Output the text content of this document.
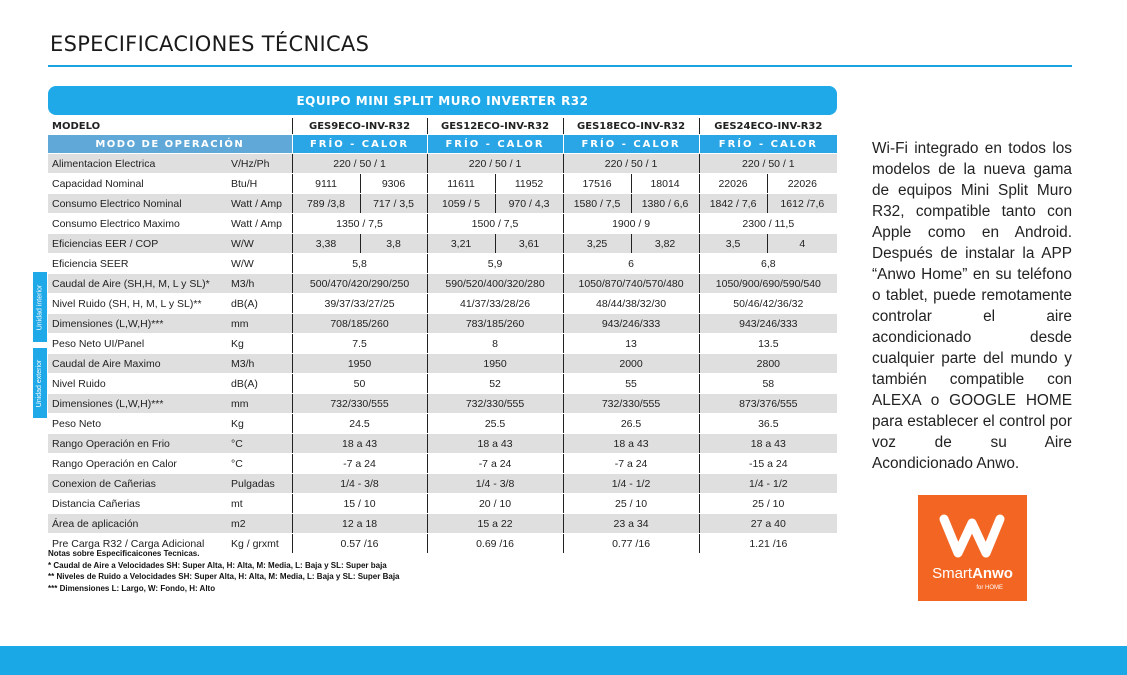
ESPECIFICACIONES TÉCNICAS
EQUIPO MINI SPLIT MURO INVERTER R32
MODELO		GES9ECO-INV-R32		GES12ECO-INV-R32		GES18ECO-INV-R32		GES24ECO-INV-R32	
MODO DE OPERACIÓN		FRÍO - CALOR		FRÍO - CALOR		FRÍO - CALOR		FRÍO - CALOR	
Alimentacion Electrica	V/Hz/Ph	220 / 50 / 1		220 / 50 / 1		220 / 50 / 1		220 / 50 / 1	
Capacidad Nominal	Btu/H	9111	9306	11611	11952	17516	18014	22026	22026
Consumo Electrico Nominal	Watt / Amp	789 /3,8	717 / 3,5	1059 / 5	970 / 4,3	1580 / 7,5	1380 / 6,6	1842 / 7,6	1612 /7,6
Consumo Electrico Maximo	Watt / Amp	1350 / 7,5		1500 / 7,5		1900 / 9		2300 / 11,5	
Eficiencias EER / COP	W/W	3,38	3,8	3,21	3,61	3,25	3,82	3,5	4
Eficiencia SEER	W/W	5,8		5,9		6		6,8	
Caudal de Aire (SH,H, M, L y SL)*	M3/h	500/470/420/290/250		590/520/400/320/280		1050/870/740/570/480		1050/900/690/590/540	
Nivel Ruido (SH, H, M, L y SL)**	dB(A)	39/37/33/27/25		41/37/33/28/26		48/44/38/32/30		50/46/42/36/32	
Dimensiones (L,W,H)***	mm	708/185/260		783/185/260		943/246/333		943/246/333	
Peso Neto UI/Panel	Kg	7.5		8		13		13.5	
Caudal de Aire Maximo	M3/h	1950		1950		2000		2800	
Nivel Ruido	dB(A)	50		52		55		58	
Dimensiones (L,W,H)***	mm	732/330/555		732/330/555		732/330/555		873/376/555	
Peso Neto	Kg	24.5		25.5		26.5		36.5	
Rango Operación en Frio	°C	18 a 43		18 a 43		18 a 43		18 a 43	
Rango Operación en Calor	°C	-7 a 24		-7 a 24		-7 a 24		-15 a 24	
Conexion de Cañerias	Pulgadas	1/4 - 3/8		1/4 - 3/8		1/4 - 1/2		1/4 - 1/2	
Distancia Cañerias	mt	15 / 10		20 / 10		25 / 10		25 / 10	
Área de aplicación	m2	12 a 18		15 a 22		23 a 34		27 a 40	
Pre Carga R32 / Carga Adicional	Kg / grxmt	0.57 /16		0.69 /16		0.77 /16		1.21 /16	
Unidad interior
Unidad exterior
Notas sobre Especificaicones Tecnicas.
* Caudal de Aire a Velocidades SH: Super Alta, H: Alta, M: Media, L: Baja y SL: Super baja
** Niveles de Ruido a Velocidades SH: Super Alta, H: Alta, M: Media, L: Baja y SL: Super Baja
*** Dimensiones L: Largo, W: Fondo, H: Alto
Wi-Fi integrado en todos los modelos de la nueva gama de equipos Mini Split Muro R32, compatible tanto con Apple como en Android. Después de instalar la APP “Anwo Home” en su teléfono o tablet, puede remotamente controlar el aire acondicionado desde cualquier parte del mundo y también compatible con ALEXA o GOOGLE HOME para establecer el control por voz de su Aire Acondicionado Anwo.
SmartAnwo
for HOME
